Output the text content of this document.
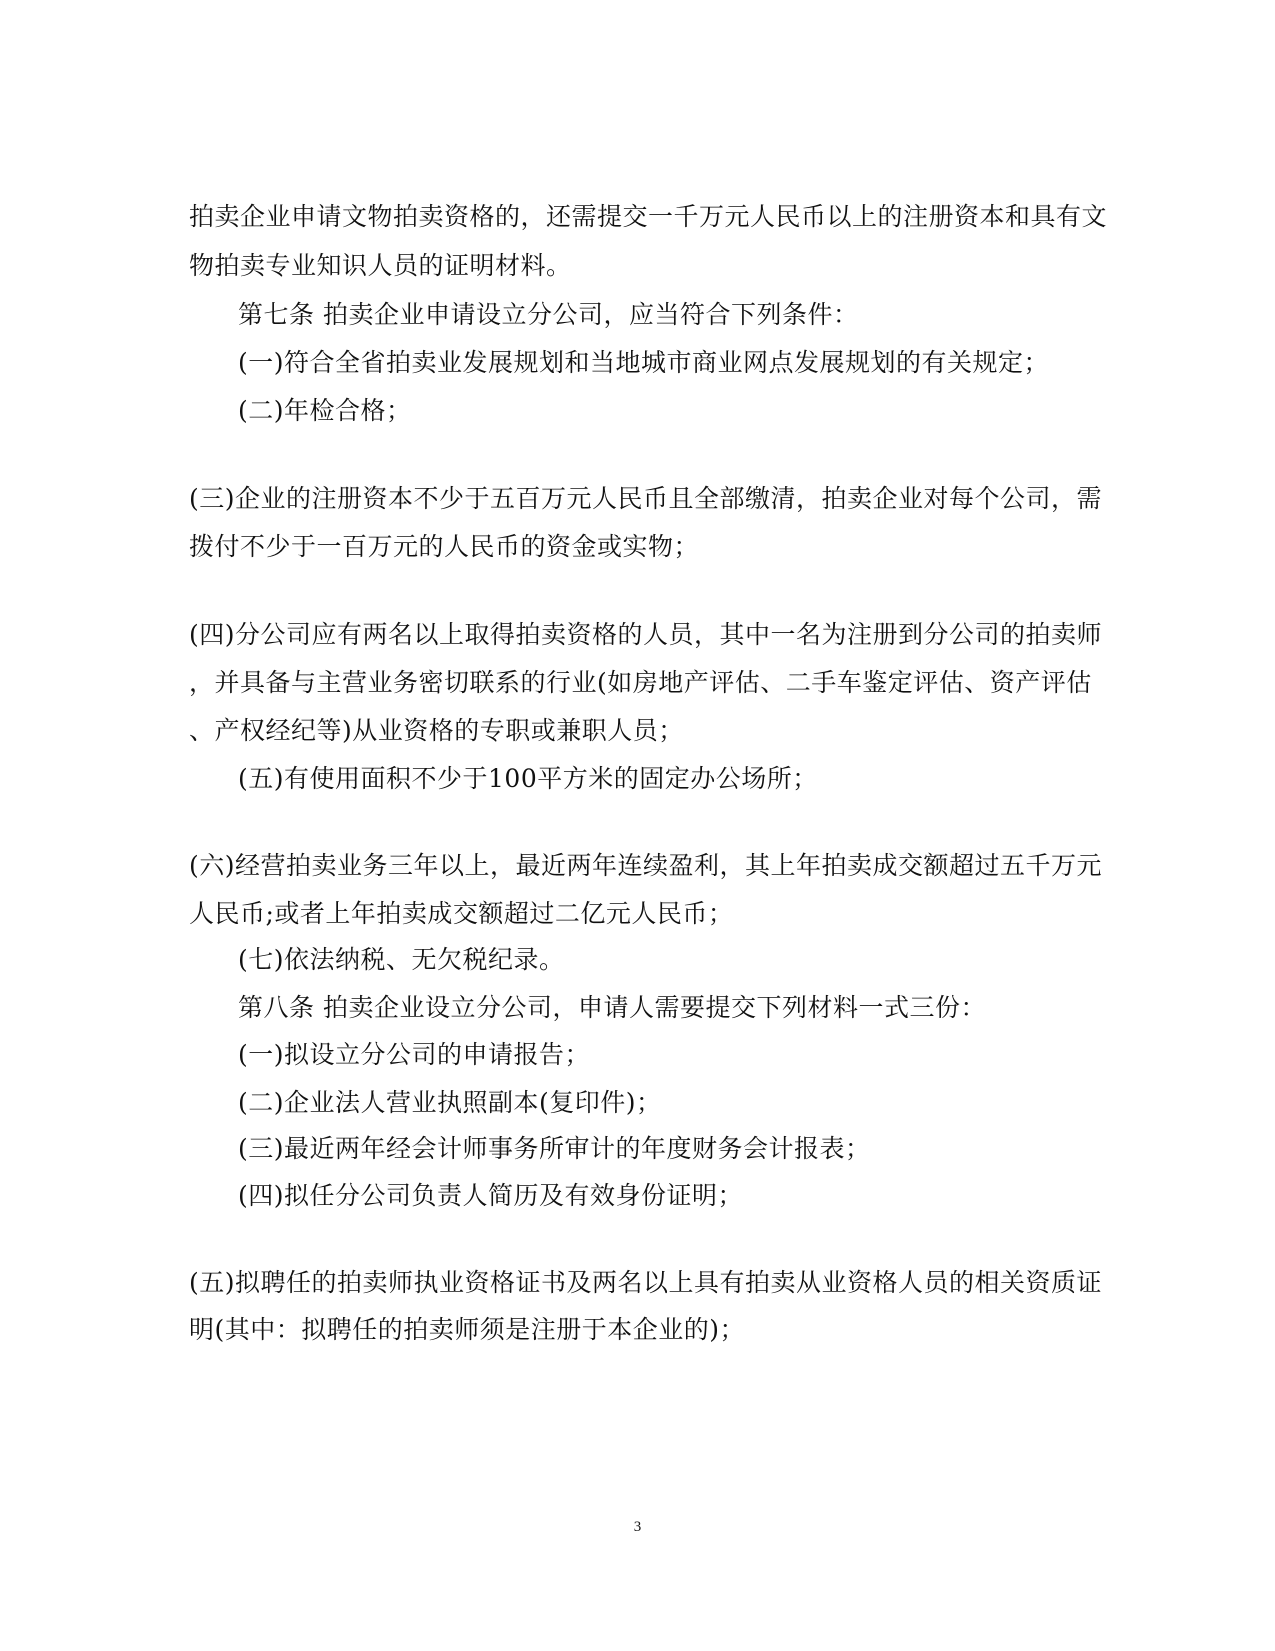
拍卖企业申请文物拍卖资格的，还需提交一千万元人民币以上的注册资本和具有文
物拍卖专业知识人员的证明材料。
第七条 拍卖企业申请设立分公司，应当符合下列条件：
(一)符合全省拍卖业发展规划和当地城市商业网点发展规划的有关规定；
(二)年检合格；
(三)企业的注册资本不少于五百万元人民币且全部缴清，拍卖企业对每个公司，需
拨付不少于一百万元的人民币的资金或实物；
(四)分公司应有两名以上取得拍卖资格的人员，其中一名为注册到分公司的拍卖师
，并具备与主营业务密切联系的行业(如房地产评估、二手车鉴定评估、资产评估
、产权经纪等)从业资格的专职或兼职人员；
(五)有使用面积不少于100平方米的固定办公场所；
(六)经营拍卖业务三年以上，最近两年连续盈利，其上年拍卖成交额超过五千万元
人民币;或者上年拍卖成交额超过二亿元人民币；
(七)依法纳税、无欠税纪录。
第八条 拍卖企业设立分公司，申请人需要提交下列材料一式三份：
(一)拟设立分公司的申请报告；
(二)企业法人营业执照副本(复印件)；
(三)最近两年经会计师事务所审计的年度财务会计报表；
(四)拟任分公司负责人简历及有效身份证明；
(五)拟聘任的拍卖师执业资格证书及两名以上具有拍卖从业资格人员的相关资质证
明(其中：拟聘任的拍卖师须是注册于本企业的)；
3
